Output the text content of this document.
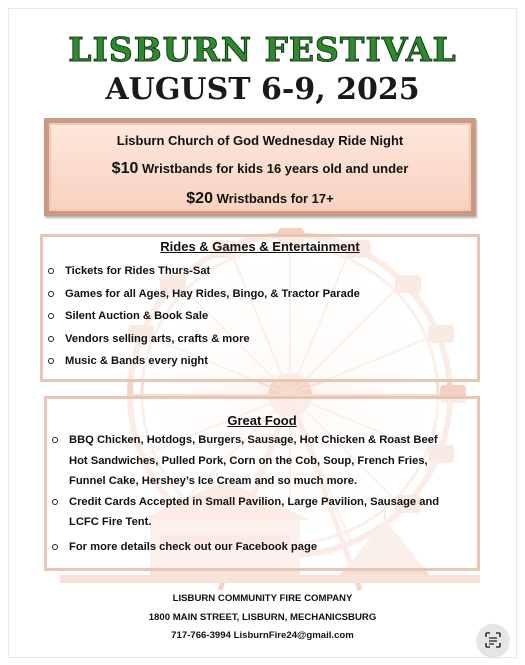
LISBURN FESTIVAL
AUGUST 6-9, 2025
Lisburn Church of God Wednesday Ride Night
$10 Wristbands for kids 16 years old and under
$20 Wristbands for 17+
Rides & Games & Entertainment
Tickets for Rides Thurs-Sat
Games for all Ages, Hay Rides, Bingo, & Tractor Parade
Silent Auction & Book Sale
Vendors selling arts, crafts & more
Music & Bands every night
Great Food
BBQ Chicken, Hotdogs, Burgers, Sausage, Hot Chicken & Roast Beef
Hot Sandwiches, Pulled Pork, Corn on the Cob, Soup, French Fries,
Funnel Cake, Hershey’s Ice Cream and so much more.
Credit Cards Accepted in Small Pavilion, Large Pavilion, Sausage and
LCFC Fire Tent.
For more details check out our Facebook page
LISBURN COMMUNITY FIRE COMPANY
1800 MAIN STREET, LISBURN, MECHANICSBURG
717-766-3994 LisburnFire24@gmail.com
